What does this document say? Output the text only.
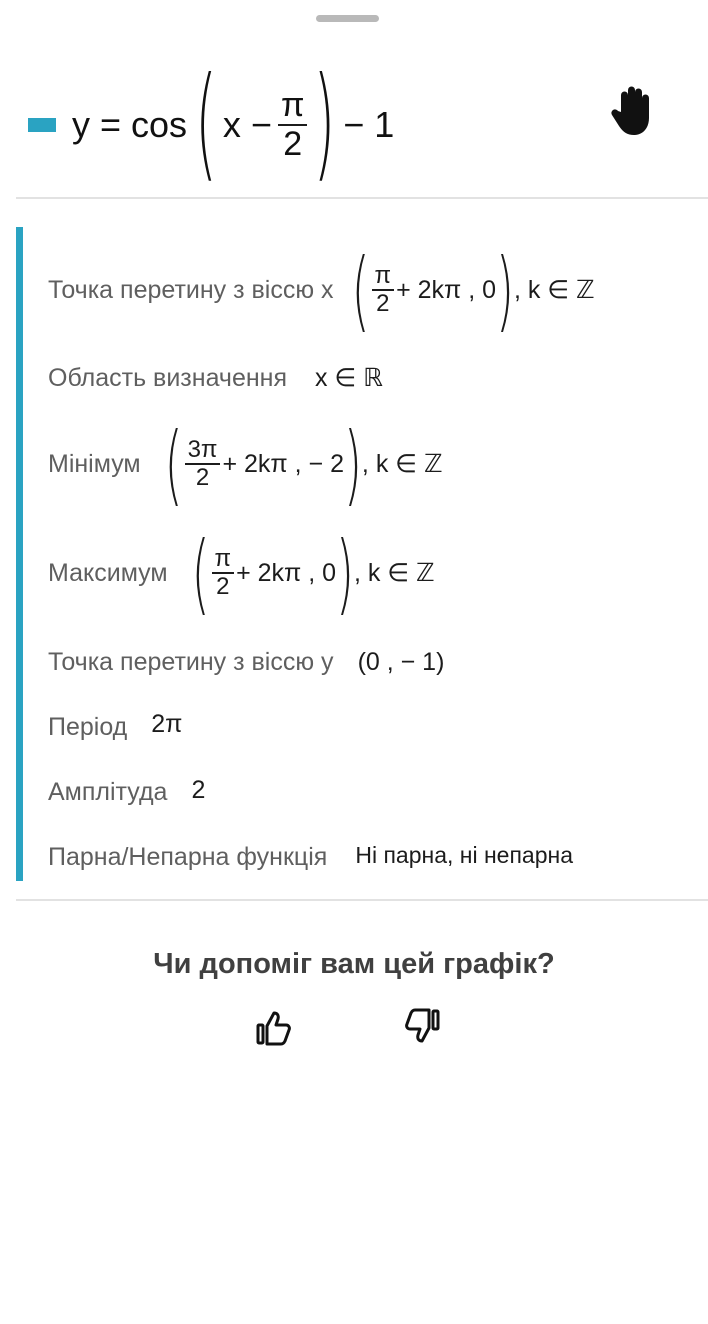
y = cos ( $x - \frac{\pi}{2}$ ) − 1
Точка перетину з віссю x ( $\frac{\pi}{2} + 2k\pi$ , 0 ) , k ∈ ℤ
Область визначення x ∈ ℝ
Мінімум ( $\frac{3\pi}{2} + 2k\pi$ , − 2 ) , k ∈ ℤ
Максимум ( $\frac{\pi}{2} + 2k\pi$ , 0 ) , k ∈ ℤ
Точка перетину з віссю y (0 , − 1)
Період 2π
Амплітуда 2
Парна/Непарна функція Ні парна, ні непарна
Чи допоміг вам цей графік?
